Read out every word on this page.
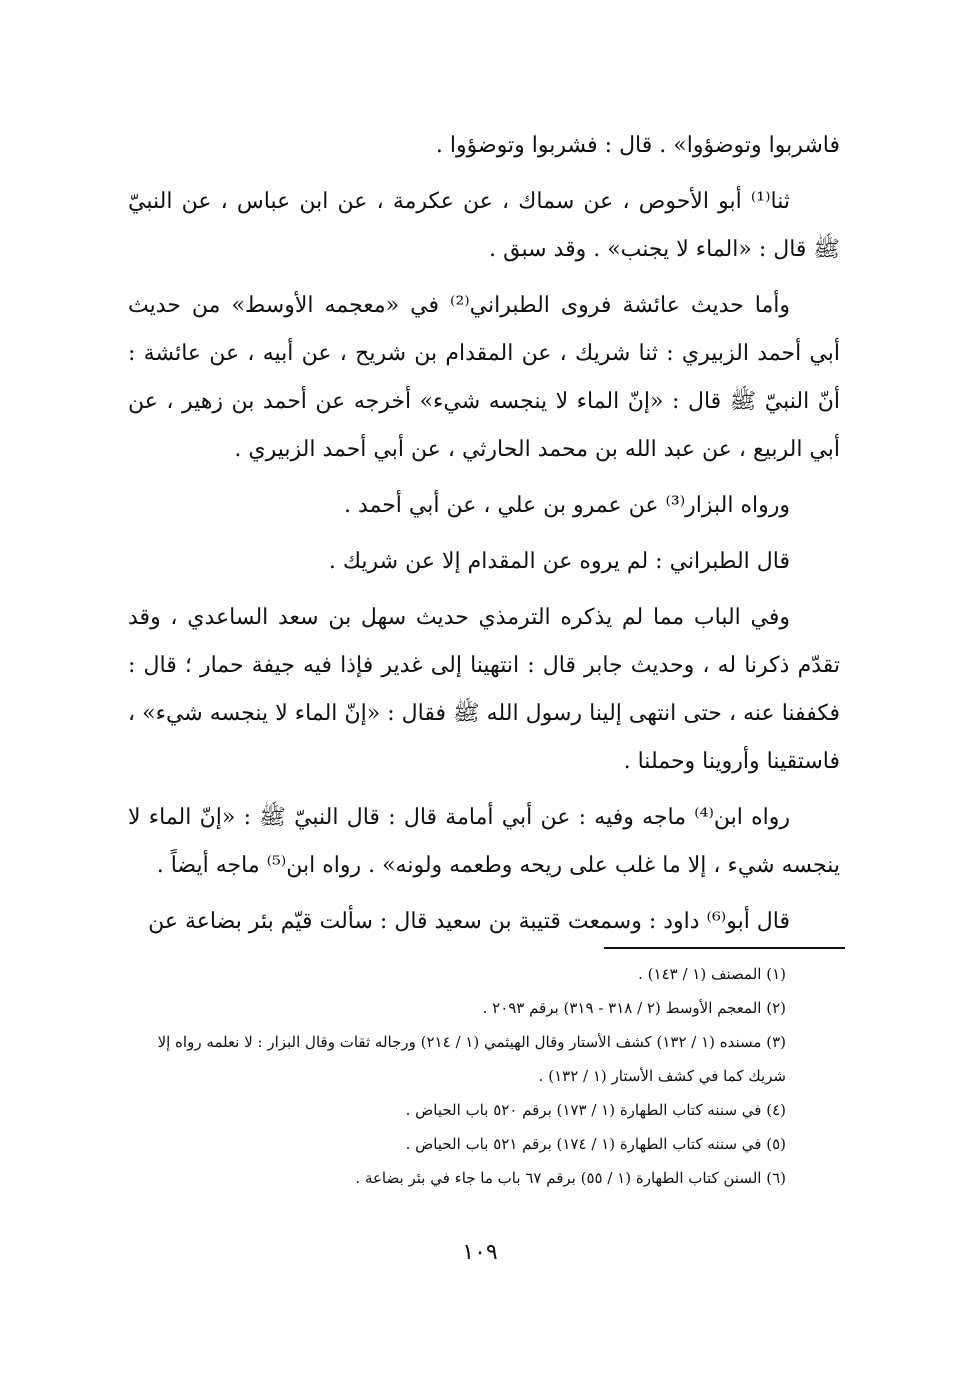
فاشربوا وتوضؤوا» . قال : فشربوا وتوضؤوا .

ثنا⁽¹⁾ أبو الأحوص ، عن سماك ، عن عكرمة ، عن ابن عباس ، عن النبيّ ﷺ قال : «الماء لا يجنب» . وقد سبق .

وأما حديث عائشة فروى الطبراني⁽²⁾ في «معجمه الأوسط» من حديث أبي أحمد الزبيري : ثنا شريك ، عن المقدام بن شريح ، عن أبيه ، عن عائشة : أنّ النبيّ ﷺ قال : «إنّ الماء لا ينجسه شيء» أخرجه عن أحمد بن زهير ، عن أبي الربيع ، عن عبد الله بن محمد الحارثي ، عن أبي أحمد الزبيري .

ورواه البزار⁽³⁾ عن عمرو بن علي ، عن أبي أحمد .

قال الطبراني : لم يروه عن المقدام إلا عن شريك .

وفي الباب مما لم يذكره الترمذي حديث سهل بن سعد الساعدي ، وقد تقدّم ذكرنا له ، وحديث جابر قال : انتهينا إلى غدير فإذا فيه جيفة حمار ؛ قال : فكففنا عنه ، حتى انتهى إلينا رسول الله ﷺ فقال : «إنّ الماء لا ينجسه شيء» ، فاستقينا وأروينا وحملنا .

رواه ابن⁽⁴⁾ ماجه وفيه : عن أبي أمامة قال : قال النبيّ ﷺ : «إنّ الماء لا ينجسه شيء ، إلا ما غلب على ريحه وطعمه ولونه» . رواه ابن⁽⁵⁾ ماجه أيضاً .

قال أبو⁽⁶⁾ داود : وسمعت قتيبة بن سعيد قال : سألت قيّم بئر بضاعة عن

(١) المصنف (١ / ١٤٣) .

(٢) المعجم الأوسط (٢ / ٣١٨ - ٣١٩) برقم ٢٠٩٣ .

(٣) مسنده (١ / ١٣٢) كشف الأستار وقال الهيثمي (١ / ٢١٤) ورجاله ثقات وقال البزار : لا نعلمه رواه إلا شريك كما في كشف الأستار (١ / ١٣٢) .

(٤) في سننه كتاب الطهارة (١ / ١٧٣) برقم ٥٢٠ باب الحياض .

(٥) في سننه كتاب الطهارة (١ / ١٧٤) برقم ٥٢١ باب الحياض .

(٦) السنن كتاب الطهارة (١ / ٥٥) برقم ٦٧ باب ما جاء في بئر بضاعة .

١٠٩
